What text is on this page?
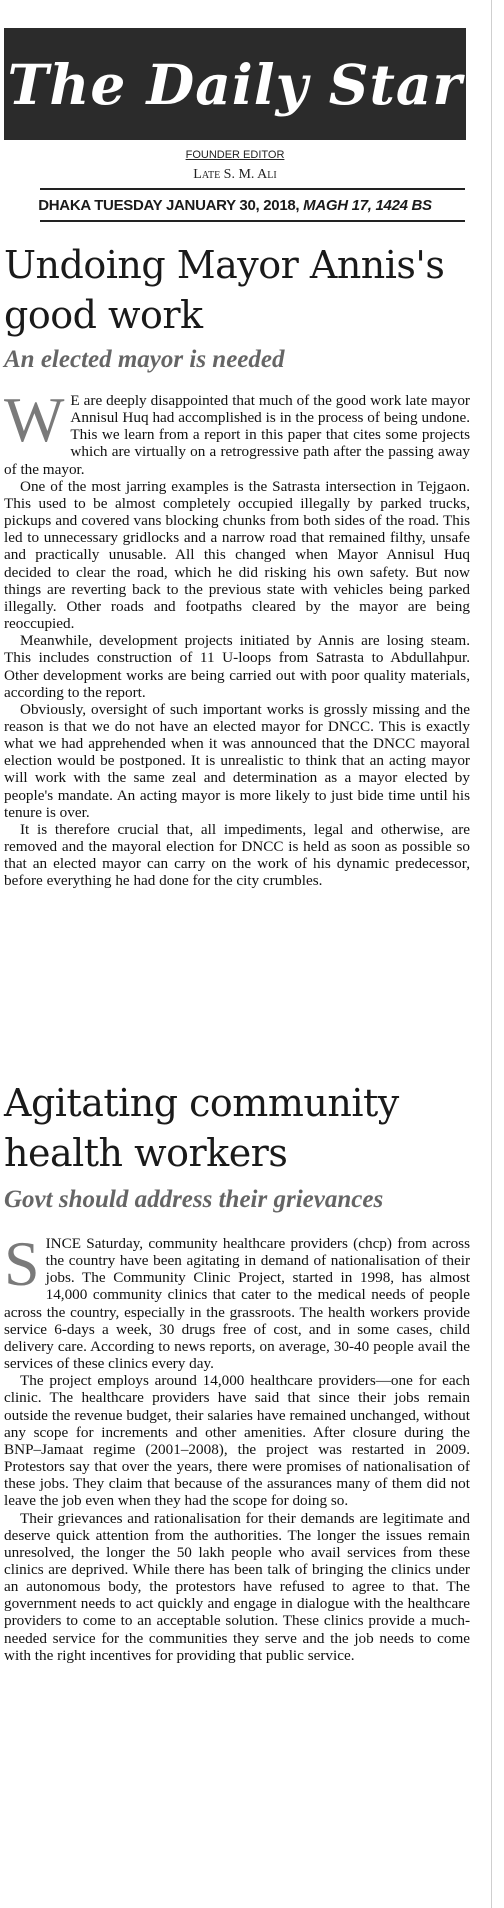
The Daily Star
FOUNDER EDITOR
Late S. M. Ali
DHAKA TUESDAY JANUARY 30, 2018, MAGH 17, 1424 BS
Undoing Mayor Annis's good work
An elected mayor is needed

W E are deeply disappointed that much of the good work late mayor Annisul Huq had accomplished is in the process of being undone. This we learn from a report in this paper that cites some projects which are virtually on a retrogressive path after the passing away of the mayor.

One of the most jarring examples is the Satrasta intersection in Tejgaon. This used to be almost completely occupied illegally by parked trucks, pickups and covered vans blocking chunks from both sides of the road. This led to unnecessary gridlocks and a narrow road that remained filthy, unsafe and practically unusable. All this changed when Mayor Annisul Huq decided to clear the road, which he did risking his own safety. But now things are reverting back to the previous state with vehicles being parked illegally. Other roads and footpaths cleared by the mayor are being reoccupied.

Meanwhile, development projects initiated by Annis are losing steam. This includes construction of 11 U-loops from Satrasta to Abdullahpur. Other development works are being carried out with poor quality materials, according to the report.

Obviously, oversight of such important works is grossly missing and the reason is that we do not have an elected mayor for DNCC. This is exactly what we had apprehended when it was announced that the DNCC mayoral election would be postponed. It is unrealistic to think that an acting mayor will work with the same zeal and determination as a mayor elected by people's mandate. An acting mayor is more likely to just bide time until his tenure is over.

It is therefore crucial that, all impediments, legal and otherwise, are removed and the mayoral election for DNCC is held as soon as possible so that an elected mayor can carry on the work of his dynamic predecessor, before everything he had done for the city crumbles.

Agitating community health workers
Govt should address their grievances

SINCE Saturday, community healthcare providers (chcp) from across the country have been agitating in demand of nationalisation of their jobs. The Community Clinic Project, started in 1998, has almost 14,000 community clinics that cater to the medical needs of people across the country, especially in the grassroots. The health workers provide service 6-days a week, 30 drugs free of cost, and in some cases, child delivery care. According to news reports, on average, 30-40 people avail the services of these clinics every day.

The project employs around 14,000 healthcare providers—one for each clinic. The healthcare providers have said that since their jobs remain outside the revenue budget, their salaries have remained unchanged, without any scope for increments and other amenities. After closure during the BNP–Jamaat regime (2001–2008), the project was restarted in 2009. Protestors say that over the years, there were promises of nationalisation of these jobs. They claim that because of the assurances many of them did not leave the job even when they had the scope for doing so.

Their grievances and rationalisation for their demands are legitimate and deserve quick attention from the authorities. The longer the issues remain unresolved, the longer the 50 lakh people who avail services from these clinics are deprived. While there has been talk of bringing the clinics under an autonomous body, the protestors have refused to agree to that. The government needs to act quickly and engage in dialogue with the healthcare providers to come to an acceptable solution. These clinics provide a much-needed service for the communities they serve and the job needs to come with the right incentives for providing that public service.
